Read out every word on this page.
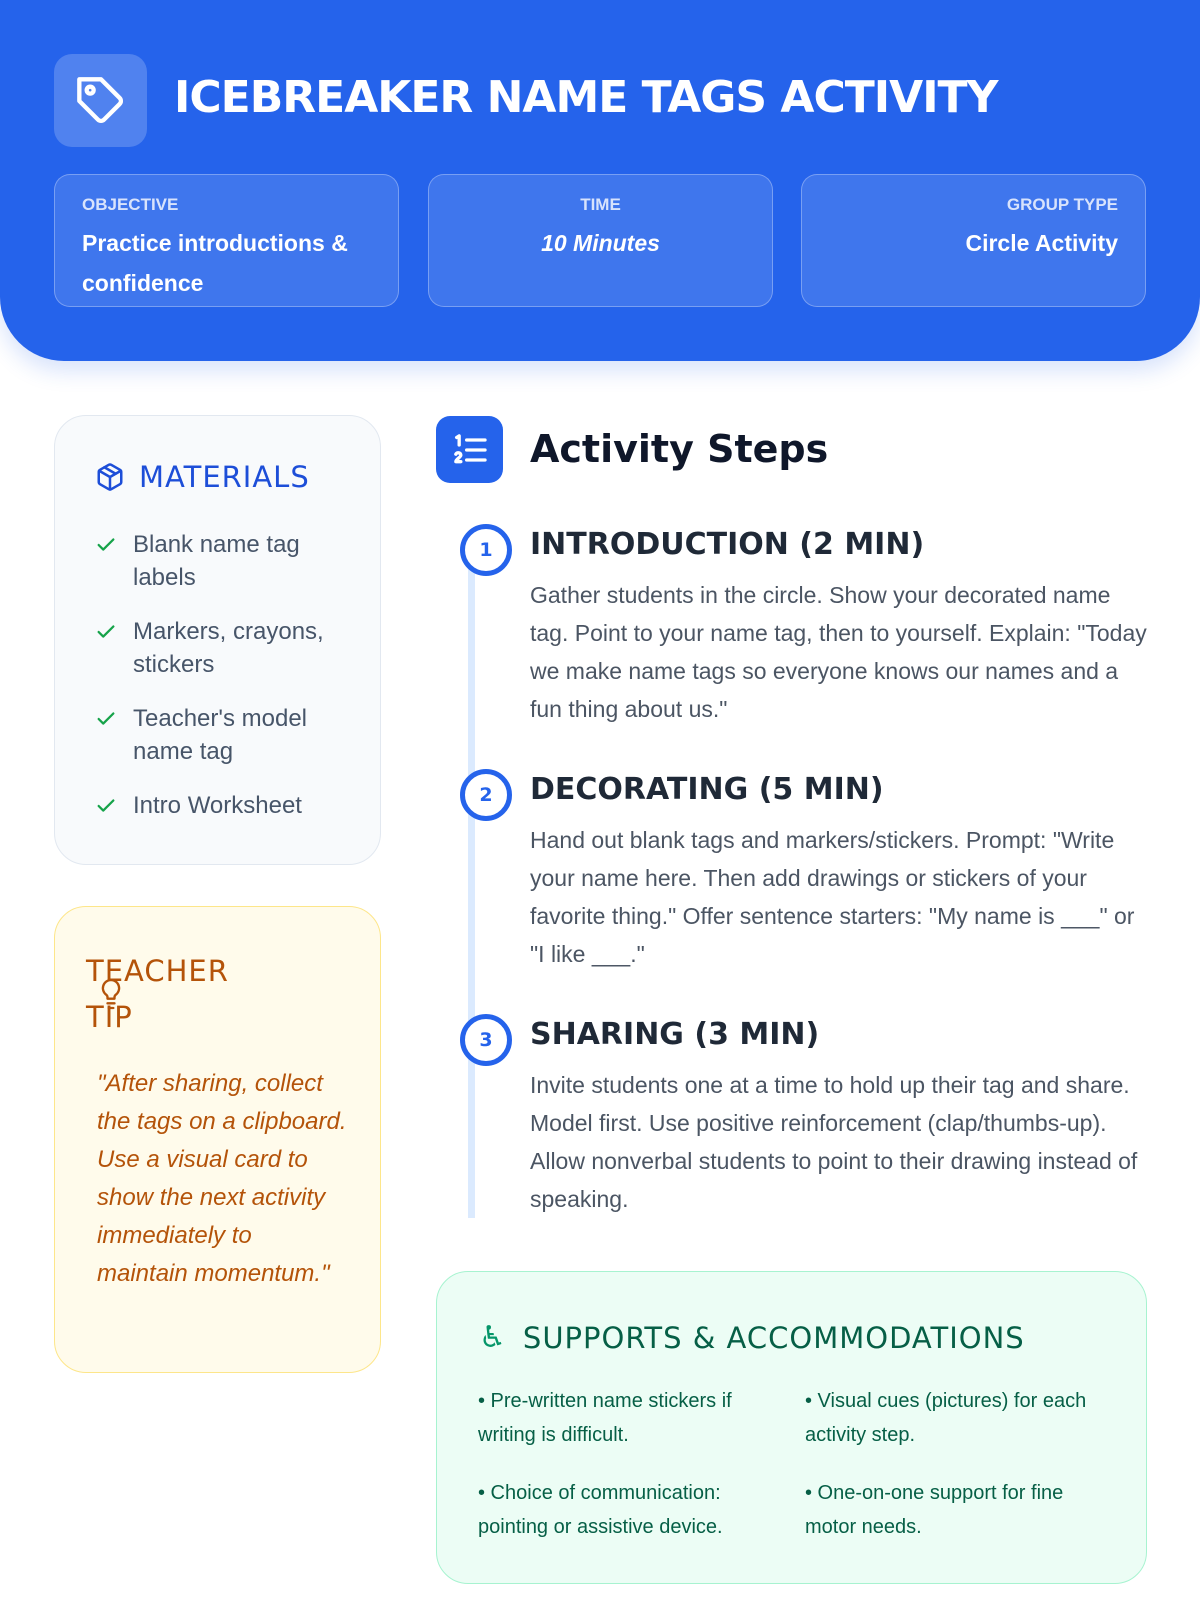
ICEBREAKER NAME TAGS ACTIVITY
OBJECTIVE
Practice introductions & confidence
TIME
10 Minutes
GROUP TYPE
Circle Activity
MATERIALS
Blank name tag labels
Markers, crayons, stickers
Teacher's model name tag
Intro Worksheet

"After sharing, collect the tags on a clipboard. Use a visual card to show the next activity immediately to maintain momentum."

TEACHER TIP
Activity Steps
1	INTRODUCTION (2 MIN)

Gather students in the circle. Show your decorated name tag. Point to your name tag, then to yourself. Explain: "Today we make name tags so everyone knows our names and a fun thing about us."

2	DECORATING (5 MIN)

Hand out blank tags and markers/stickers. Prompt: "Write your name here. Then add drawings or stickers of your favorite thing." Offer sentence starters: "My name is ___" or "I like ___."

3	SHARING (3 MIN)

Invite students one at a time to hold up their tag and share. Model first. Use positive reinforcement (clap/thumbs-up). Allow nonverbal students to point to their drawing instead of speaking.

♿ SUPPORTS & ACCOMMODATIONS

• Pre-written name stickers if writing is difficult.

• Visual cues (pictures) for each activity step.

• Choice of communication: pointing or assistive device.

• One-on-one support for fine motor needs.
